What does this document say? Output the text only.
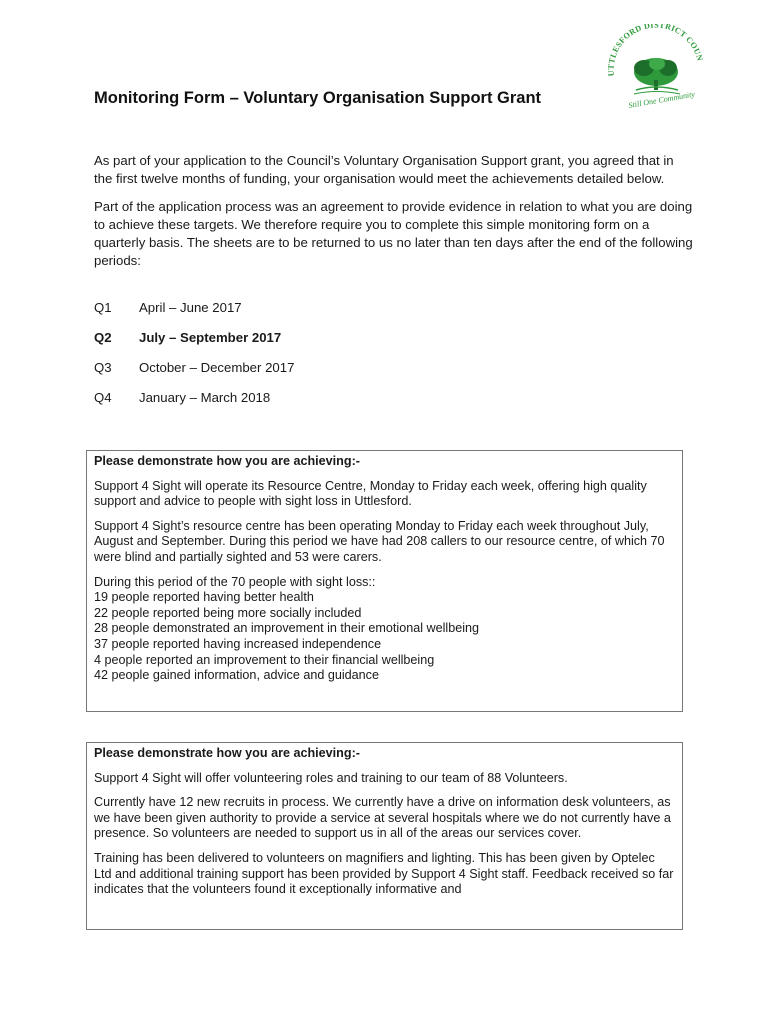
UTTLESFORD DISTRICT COUN
Still One Community
Monitoring Form – Voluntary Organisation Support Grant

As part of your application to the Council’s Voluntary Organisation Support grant, you agreed that in the first twelve months of funding, your organisation would meet the achievements detailed below.

Part of the application process was an agreement to provide evidence in relation to what you are doing to achieve these targets. We therefore require you to complete this simple monitoring form on a quarterly basis. The sheets are to be returned to us no later than ten days after the end of the following periods:

Q1	April – June 2017
Q2	July – September 2017
Q3	October – December 2017
Q4	January – March 2018

Please demonstrate how you are achieving:-

Support 4 Sight will operate its Resource Centre, Monday to Friday each week, offering high quality support and advice to people with sight loss in Uttlesford.

Support 4 Sight’s resource centre has been operating Monday to Friday each week throughout July, August and September. During this period we have had 208 callers to our resource centre, of which 70 were blind and partially sighted and 53 were carers.

During this period of the 70 people with sight loss::
19 people reported having better health
22 people reported being more socially included
28 people demonstrated an improvement in their emotional wellbeing
37 people reported having increased independence
4 people reported an improvement to their financial wellbeing
42 people gained information, advice and guidance

Please demonstrate how you are achieving:-

Support 4 Sight will offer volunteering roles and training to our team of 88 Volunteers.

Currently have 12 new recruits in process. We currently have a drive on information desk volunteers, as we have been given authority to provide a service at several hospitals where we do not currently have a presence. So volunteers are needed to support us in all of the areas our services cover.

Training has been delivered to volunteers on magnifiers and lighting. This has been given by Optelec Ltd and additional training support has been provided by Support 4 Sight staff. Feedback received so far indicates that the volunteers found it exceptionally informative and
